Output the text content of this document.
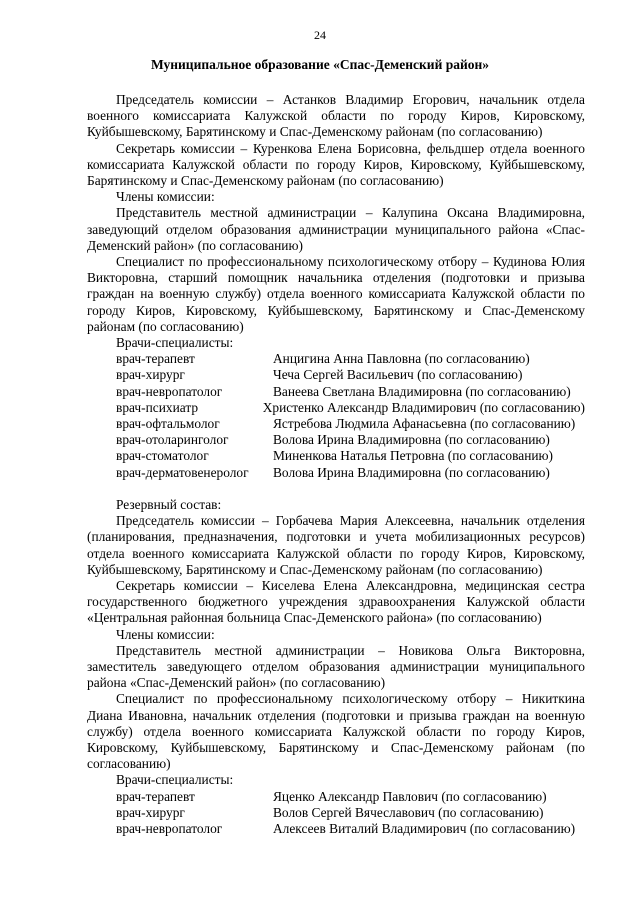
24
Муниципальное образование «Спас-Деменский район»

Председатель комиссии – Астанков Владимир Егорович, начальник отдела военного комиссариата Калужской области по городу Киров, Кировскому, Куйбышевскому, Барятинскому и Спас-Деменскому районам (по согласованию)

Секретарь комиссии – Куренкова Елена Борисовна, фельдшер отдела военного комиссариата Калужской области по городу Киров, Кировскому, Куйбышевскому, Барятинскому и Спас-Деменскому районам (по согласованию)

Члены комиссии:

Представитель местной администрации – Калупина Оксана Владимировна, заведующий отделом образования администрации муниципального района «Спас-Деменский район» (по согласованию)

Специалист по профессиональному психологическому отбору – Кудинова Юлия Викторовна, старший помощник начальника отделения (подготовки и призыва граждан на военную службу) отдела военного комиссариата Калужской области по городу Киров, Кировскому, Куйбышевскому, Барятинскому и Спас-Деменскому районам (по согласованию)

Врачи-специалисты:

врач-терапевт	Анцигина Анна Павловна (по согласованию)
врач-хирург	Чеча Сергей Васильевич (по согласованию)
врач-невропатолог	Ванеева Светлана Владимировна (по согласованию)
врач-психиатр	Христенко Александр Владимирович (по согласованию)
врач-офтальмолог	Ястребова Людмила Афанасьевна (по согласованию)
врач-отоларинголог	Волова Ирина Владимировна (по согласованию)
врач-стоматолог	Миненкова Наталья Петровна (по согласованию)
врач-дерматовенеролог	Волова Ирина Владимировна (по согласованию)

Резервный состав:

Председатель комиссии – Горбачева Мария Алексеевна, начальник отделения (планирования, предназначения, подготовки и учета мобилизационных ресурсов) отдела военного комиссариата Калужской области по городу Киров, Кировскому, Куйбышевскому, Барятинскому и Спас-Деменскому районам (по согласованию)

Секретарь комиссии – Киселева Елена Александровна, медицинская сестра государственного бюджетного учреждения здравоохранения Калужской области «Центральная районная больница Спас-Деменского района» (по согласованию)

Члены комиссии:

Представитель местной администрации – Новикова Ольга Викторовна, заместитель заведующего отделом образования администрации муниципального района «Спас-Деменский район» (по согласованию)

Специалист по профессиональному психологическому отбору – Никиткина Диана Ивановна, начальник отделения (подготовки и призыва граждан на военную службу) отдела военного комиссариата Калужской области по городу Киров, Кировскому, Куйбышевскому, Барятинскому и Спас-Деменскому районам (по согласованию)

Врачи-специалисты:

врач-терапевт	Яценко Александр Павлович (по согласованию)
врач-хирург	Волов Сергей Вячеславович (по согласованию)
врач-невропатолог	Алексеев Виталий Владимирович (по согласованию)
